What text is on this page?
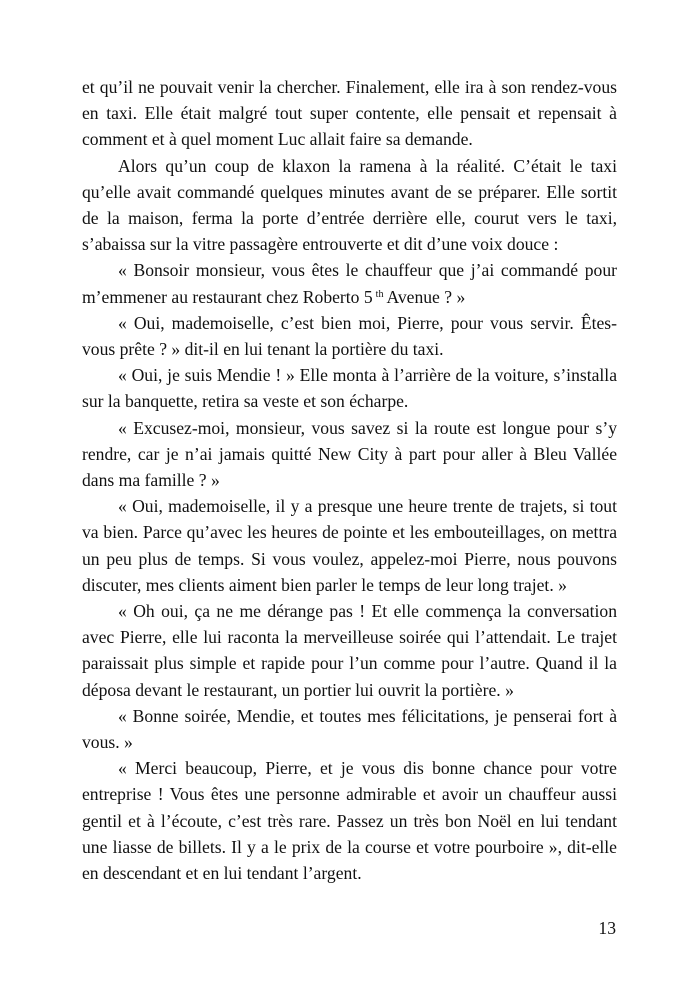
et qu’il ne pouvait venir la chercher. Finalement, elle ira à son rendez-vous en taxi. Elle était malgré tout super contente, elle pensait et repensait à comment et à quel moment Luc allait faire sa demande.

Alors qu’un coup de klaxon la ramena à la réalité. C’était le taxi qu’elle avait commandé quelques minutes avant de se préparer. Elle sortit de la maison, ferma la porte d’entrée derrière elle, courut vers le taxi, s’abaissa sur la vitre passagère entrouverte et dit d’une voix douce :

« Bonsoir monsieur, vous êtes le chauffeur que j’ai commandé pour m’emmener au restaurant chez Roberto 5 $^{th}$ Avenue ? »

« Oui, mademoiselle, c’est bien moi, Pierre, pour vous servir. Êtes-vous prête ? » dit-il en lui tenant la portière du taxi.

« Oui, je suis Mendie ! » Elle monta à l’arrière de la voiture, s’installa sur la banquette, retira sa veste et son écharpe.

« Excusez-moi, monsieur, vous savez si la route est longue pour s’y rendre, car je n’ai jamais quitté New City à part pour aller à Bleu Vallée dans ma famille ? »

« Oui, mademoiselle, il y a presque une heure trente de trajets, si tout va bien. Parce qu’avec les heures de pointe et les embouteillages, on mettra un peu plus de temps. Si vous voulez, appelez-moi Pierre, nous pouvons discuter, mes clients aiment bien parler le temps de leur long trajet. »

« Oh oui, ça ne me dérange pas ! Et elle commença la conversation avec Pierre, elle lui raconta la merveilleuse soirée qui l’attendait. Le trajet paraissait plus simple et rapide pour l’un comme pour l’autre. Quand il la déposa devant le restaurant, un portier lui ouvrit la portière. »

« Bonne soirée, Mendie, et toutes mes félicitations, je penserai fort à vous. »

« Merci beaucoup, Pierre, et je vous dis bonne chance pour votre entreprise ! Vous êtes une personne admirable et avoir un chauffeur aussi gentil et à l’écoute, c’est très rare. Passez un très bon Noël en lui tendant une liasse de billets. Il y a le prix de la course et votre pourboire », dit-elle en descendant et en lui tendant l’argent.

13
